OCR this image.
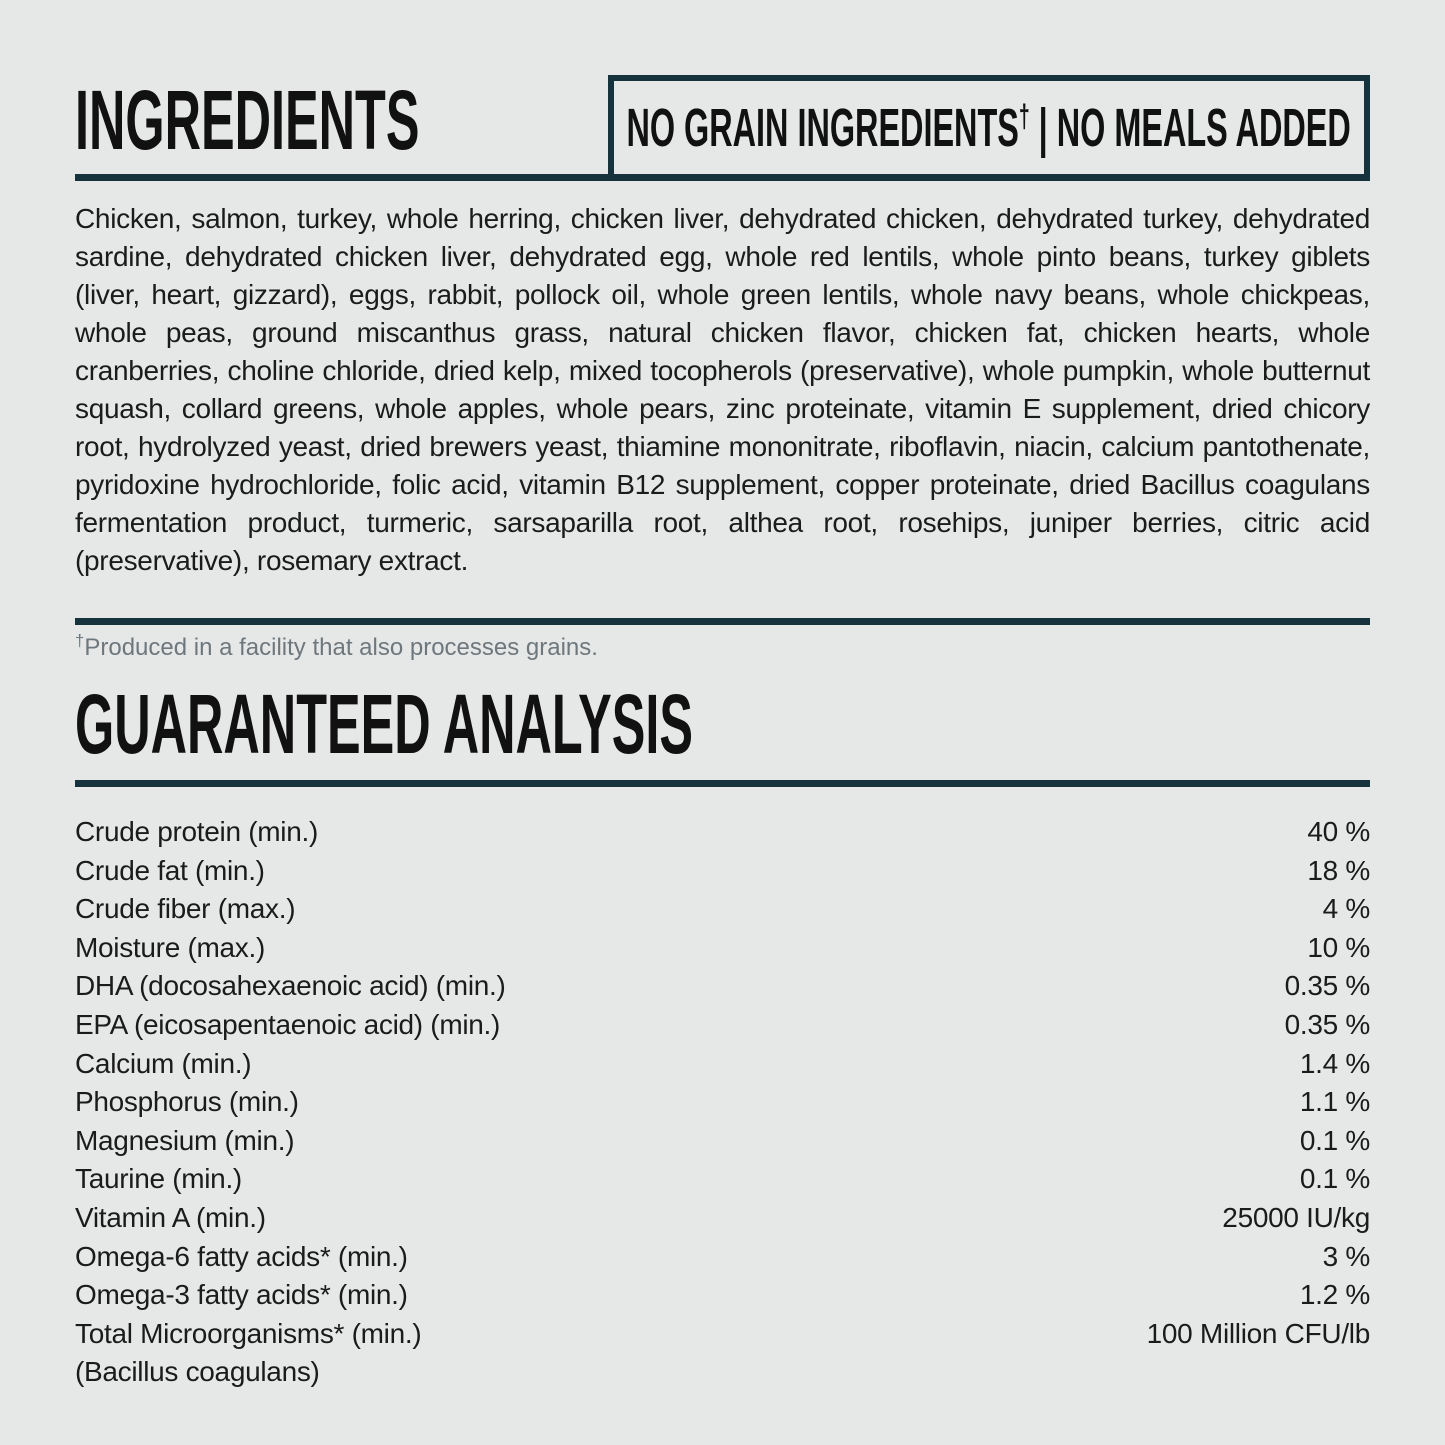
INGREDIENTS	NO GRAIN INGREDIENTS† | NO MEALS ADDED

Chicken, salmon, turkey, whole herring, chicken liver, dehydrated chicken, dehydrated turkey, dehydrated sardine, dehydrated chicken liver, dehydrated egg, whole red lentils, whole pinto beans, turkey giblets (liver, heart, gizzard), eggs, rabbit, pollock oil, whole green lentils, whole navy beans, whole chickpeas, whole peas, ground miscanthus grass, natural chicken flavor, chicken fat, chicken hearts, whole cranberries, choline chloride, dried kelp, mixed tocopherols (preservative), whole pumpkin, whole butternut squash, collard greens, whole apples, whole pears, zinc proteinate, vitamin E supplement, dried chicory root, hydrolyzed yeast, dried brewers yeast, thiamine mononitrate, riboflavin, niacin, calcium pantothenate, pyridoxine hydrochloride, folic acid, vitamin B12 supplement, copper proteinate, dried Bacillus coagulans fermentation product, turmeric, sarsaparilla root, althea root, rosehips, juniper berries, citric acid (preservative), rosemary extract.

†Produced in a facility that also processes grains.

GUARANTEED ANALYSIS
Crude protein (min.)	40 %
Crude fat (min.)	18 %
Crude fiber (max.)	4 %
Moisture (max.)	10 %
DHA (docosahexaenoic acid) (min.)	0.35 %
EPA (eicosapentaenoic acid) (min.)	0.35 %
Calcium (min.)	1.4 %
Phosphorus (min.)	1.1 %
Magnesium (min.)	0.1 %
Taurine (min.)	0.1 %
Vitamin A (min.)	25000 IU/kg
Omega-6 fatty acids* (min.)	3 %
Omega-3 fatty acids* (min.)	1.2 %
Total Microorganisms* (min.)	100 Million CFU/lb
(Bacillus coagulans)
